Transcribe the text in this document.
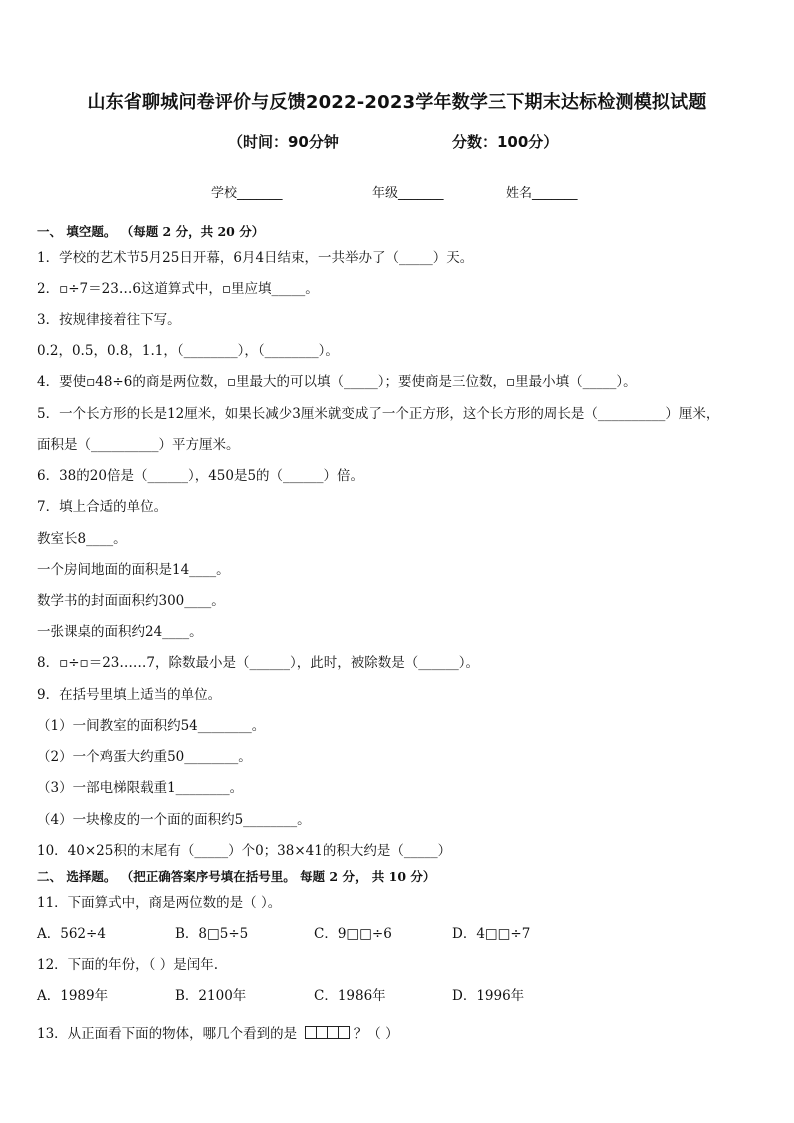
山东省聊城问卷评价与反馈2022-2023学年数学三下期末达标检测模拟试题
（时间：90分钟	分数：100分）
学校_______	年级_______	姓名_______
一、 填空题。 （每题 2 分，共 20 分）
1．学校的艺术节5月25日开幕，6月4日结束，一共举办了（_____）天。
2．▫÷7＝23…6这道算式中，▫里应填_____。
3．按规律接着往下写。
0.2，0.5，0.8，1.1，（________），（________）。
4．要使▫48÷6的商是两位数，▫里最大的可以填（_____）；要使商是三位数，▫里最小填（_____）。
5．一个长方形的长是12厘米，如果长减少3厘米就变成了一个正方形，这个长方形的周长是（__________）厘米，
面积是（__________）平方厘米。
6．38的20倍是（______），450是5的（______）倍。
7．填上合适的单位。
教室长8____。
一个房间地面的面积是14____。
数学书的封面面积约300____。
一张课桌的面积约24____。
8．▫÷▫＝23……7，除数最小是（______），此时，被除数是（______）。
9．在括号里填上适当的单位。
（1）一间教室的面积约54________。
（2）一个鸡蛋大约重50________。
（3）一部电梯限载重1________。
（4）一块橡皮的一个面的面积约5________。
10．40×25积的末尾有（_____）个0；38×41的积大约是（_____）
二、 选择题。 （把正确答案序号填在括号里。 每题 2 分， 共 10 分）
11．下面算式中，商是两位数的是（ ）。
A．562÷4	B．8□5÷5	C．9□□÷6	D．4□□÷7
12．下面的年份，（ ）是闰年.
A．1989年	B．2100年	C．1986年	D．1996年
13．从正面看下面的物体，哪几个看到的是	？（ ）
